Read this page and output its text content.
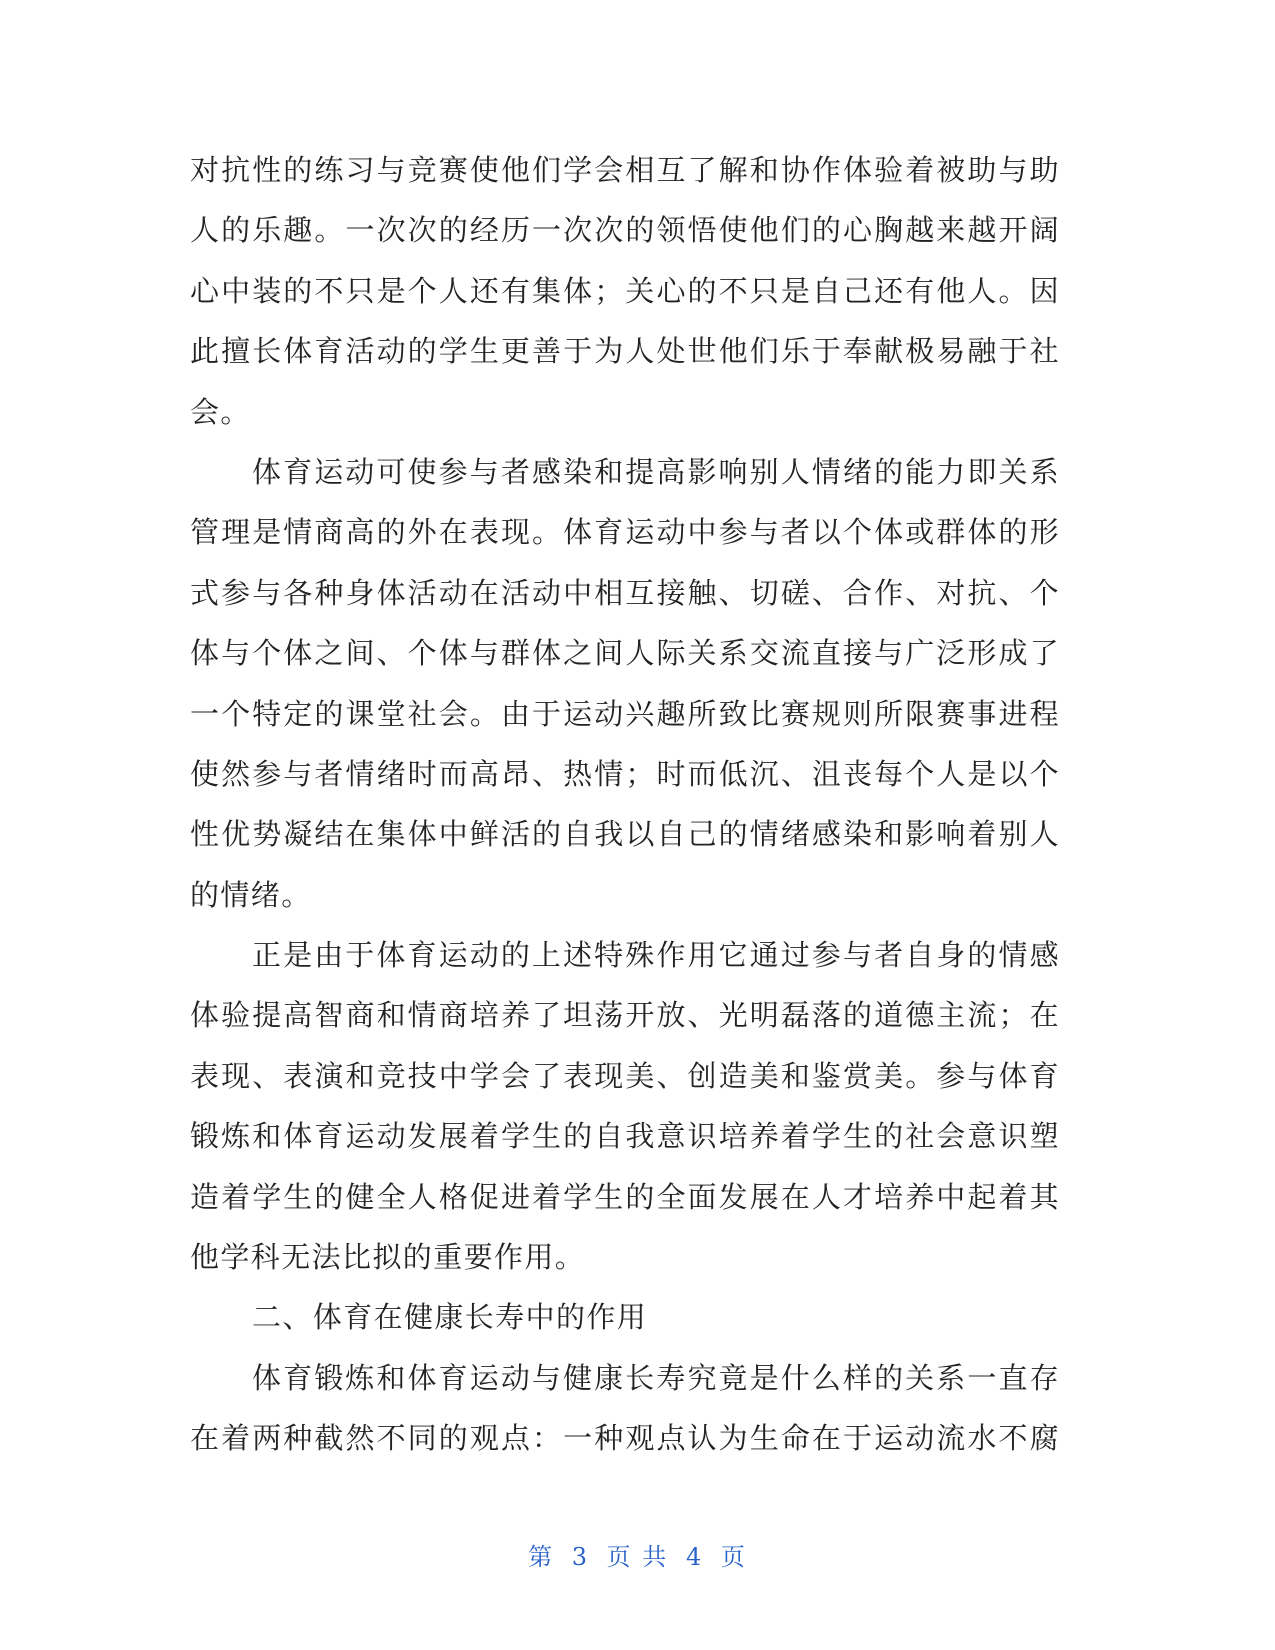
对抗性的练习与竞赛使他们学会相互了解和协作体验着被助与助
人的乐趣。一次次的经历一次次的领悟使他们的心胸越来越开阔
心中装的不只是个人还有集体；关心的不只是自己还有他人。因
此擅长体育活动的学生更善于为人处世他们乐于奉献极易融于社
会。
体育运动可使参与者感染和提高影响别人情绪的能力即关系
管理是情商高的外在表现。体育运动中参与者以个体或群体的形
式参与各种身体活动在活动中相互接触、切磋、合作、对抗、个
体与个体之间、个体与群体之间人际关系交流直接与广泛形成了
一个特定的课堂社会。由于运动兴趣所致比赛规则所限赛事进程
使然参与者情绪时而高昂、热情；时而低沉、沮丧每个人是以个
性优势凝结在集体中鲜活的自我以自己的情绪感染和影响着别人
的情绪。
正是由于体育运动的上述特殊作用它通过参与者自身的情感
体验提高智商和情商培养了坦荡开放、光明磊落的道德主流；在
表现、表演和竞技中学会了表现美、创造美和鉴赏美。参与体育
锻炼和体育运动发展着学生的自我意识培养着学生的社会意识塑
造着学生的健全人格促进着学生的全面发展在人才培养中起着其
他学科无法比拟的重要作用。
二、体育在健康长寿中的作用
体育锻炼和体育运动与健康长寿究竟是什么样的关系一直存
在着两种截然不同的观点：一种观点认为生命在于运动流水不腐
第 3 页 共 4 页
